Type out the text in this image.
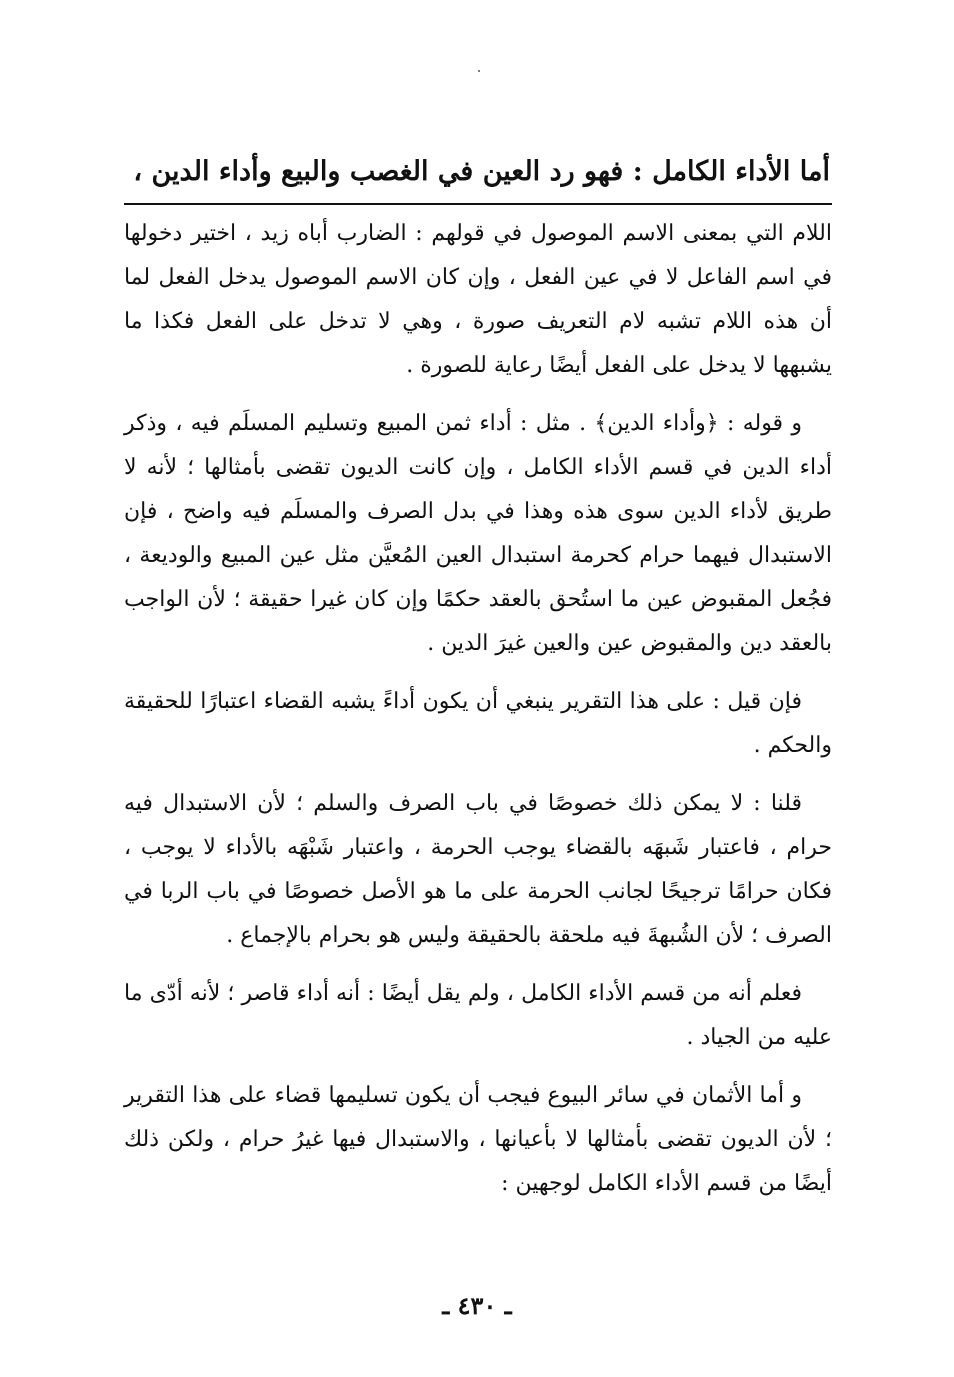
أما الأداء الكامل : فهو رد العين في الغصب والبيع وأداء الدين ،

اللام التي بمعنى الاسم الموصول في قولهم : الضارب أباه زيد ، اختير دخولها في اسم الفاعل لا في عين الفعل ، وإن كان الاسم الموصول يدخل الفعل لما أن هذه اللام تشبه لام التعريف صورة ، وهي لا تدخل على الفعل فكذا ما يشبهها لا يدخل على الفعل أيضًا رعاية للصورة .

و قوله : ﴿وأداء الدين﴾ . مثل : أداء ثمن المبيع وتسليم المسلَم فيه ، وذكر أداء الدين في قسم الأداء الكامل ، وإن كانت الديون تقضى بأمثالها ؛ لأنه لا طريق لأداء الدين سوى هذه وهذا في بدل الصرف والمسلَم فيه واضح ، فإن الاستبدال فيهما حرام كحرمة استبدال العين المُعيَّن مثل عين المبيع والوديعة ، فجُعل المقبوض عين ما استُحق بالعقد حكمًا وإن كان غيرا حقيقة ؛ لأن الواجب بالعقد دين والمقبوض عين والعين غيرَ الدين .

فإن قيل : على هذا التقرير ينبغي أن يكون أداءً يشبه القضاء اعتبارًا للحقيقة والحكم .

قلنا : لا يمكن ذلك خصوصًا في باب الصرف والسلم ؛ لأن الاستبدال فيه حرام ، فاعتبار شَبهَه بالقضاء يوجب الحرمة ، واعتبار شَبْهَه بالأداء لا يوجب ، فكان حرامًا ترجيحًا لجانب الحرمة على ما هو الأصل خصوصًا في باب الربا في الصرف ؛ لأن الشُبهةَ فيه ملحقة بالحقيقة وليس هو بحرام بالإجماع .

فعلم أنه من قسم الأداء الكامل ، ولم يقل أيضًا : أنه أداء قاصر ؛ لأنه أدّى ما عليه من الجياد .

و أما الأثمان في سائر البيوع فيجب أن يكون تسليمها قضاء على هذا التقرير ؛ لأن الديون تقضى بأمثالها لا بأعيانها ، والاستبدال فيها غيرُ حرام ، ولكن ذلك أيضًا من قسم الأداء الكامل لوجهين :

ـ ٤٣٠ ـ
